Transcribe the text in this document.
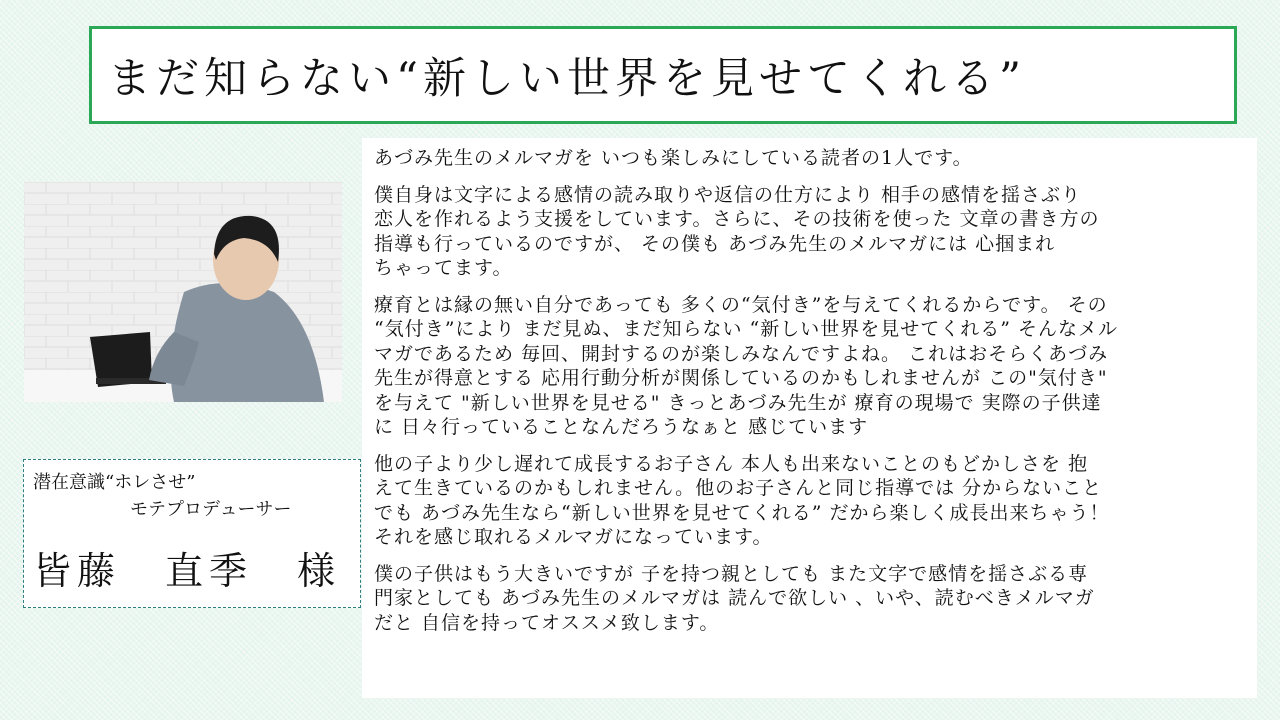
まだ知らない“新しい世界を見せてくれる”
潜在意識“ホレさせ”
モテプロデューサー
皆藤　直季　様

あづみ先生のメルマガを いつも楽しみにしている読者の1人です。

僕自身は文字による感情の読み取りや返信の仕方により 相手の感情を揺さぶり
恋人を作れるよう支援をしています。さらに、その技術を使った 文章の書き方の
指導も行っているのですが、 その僕も あづみ先生のメルマガには 心掴まれ
ちゃってます。

療育とは縁の無い自分であっても 多くの“気付き”を与えてくれるからです。 その
“気付き”により まだ見ぬ、まだ知らない “新しい世界を見せてくれる” そんなメル
マガであるため 毎回、開封するのが楽しみなんですよね。 これはおそらくあづみ
先生が得意とする 応用行動分析が関係しているのかもしれませんが この"気付き"
を与えて "新しい世界を見せる" きっとあづみ先生が 療育の現場で 実際の子供達
に 日々行っていることなんだろうなぁと 感じています

他の子より少し遅れて成長するお子さん 本人も出来ないことのもどかしさを 抱
えて生きているのかもしれません。他のお子さんと同じ指導では 分からないこと
でも あづみ先生なら“新しい世界を見せてくれる” だから楽しく成長出来ちゃう！
それを感じ取れるメルマガになっています。

僕の子供はもう大きいですが 子を持つ親としても また文字で感情を揺さぶる専
門家としても あづみ先生のメルマガは 読んで欲しい 、いや、読むべきメルマガ
だと 自信を持ってオススメ致します。
